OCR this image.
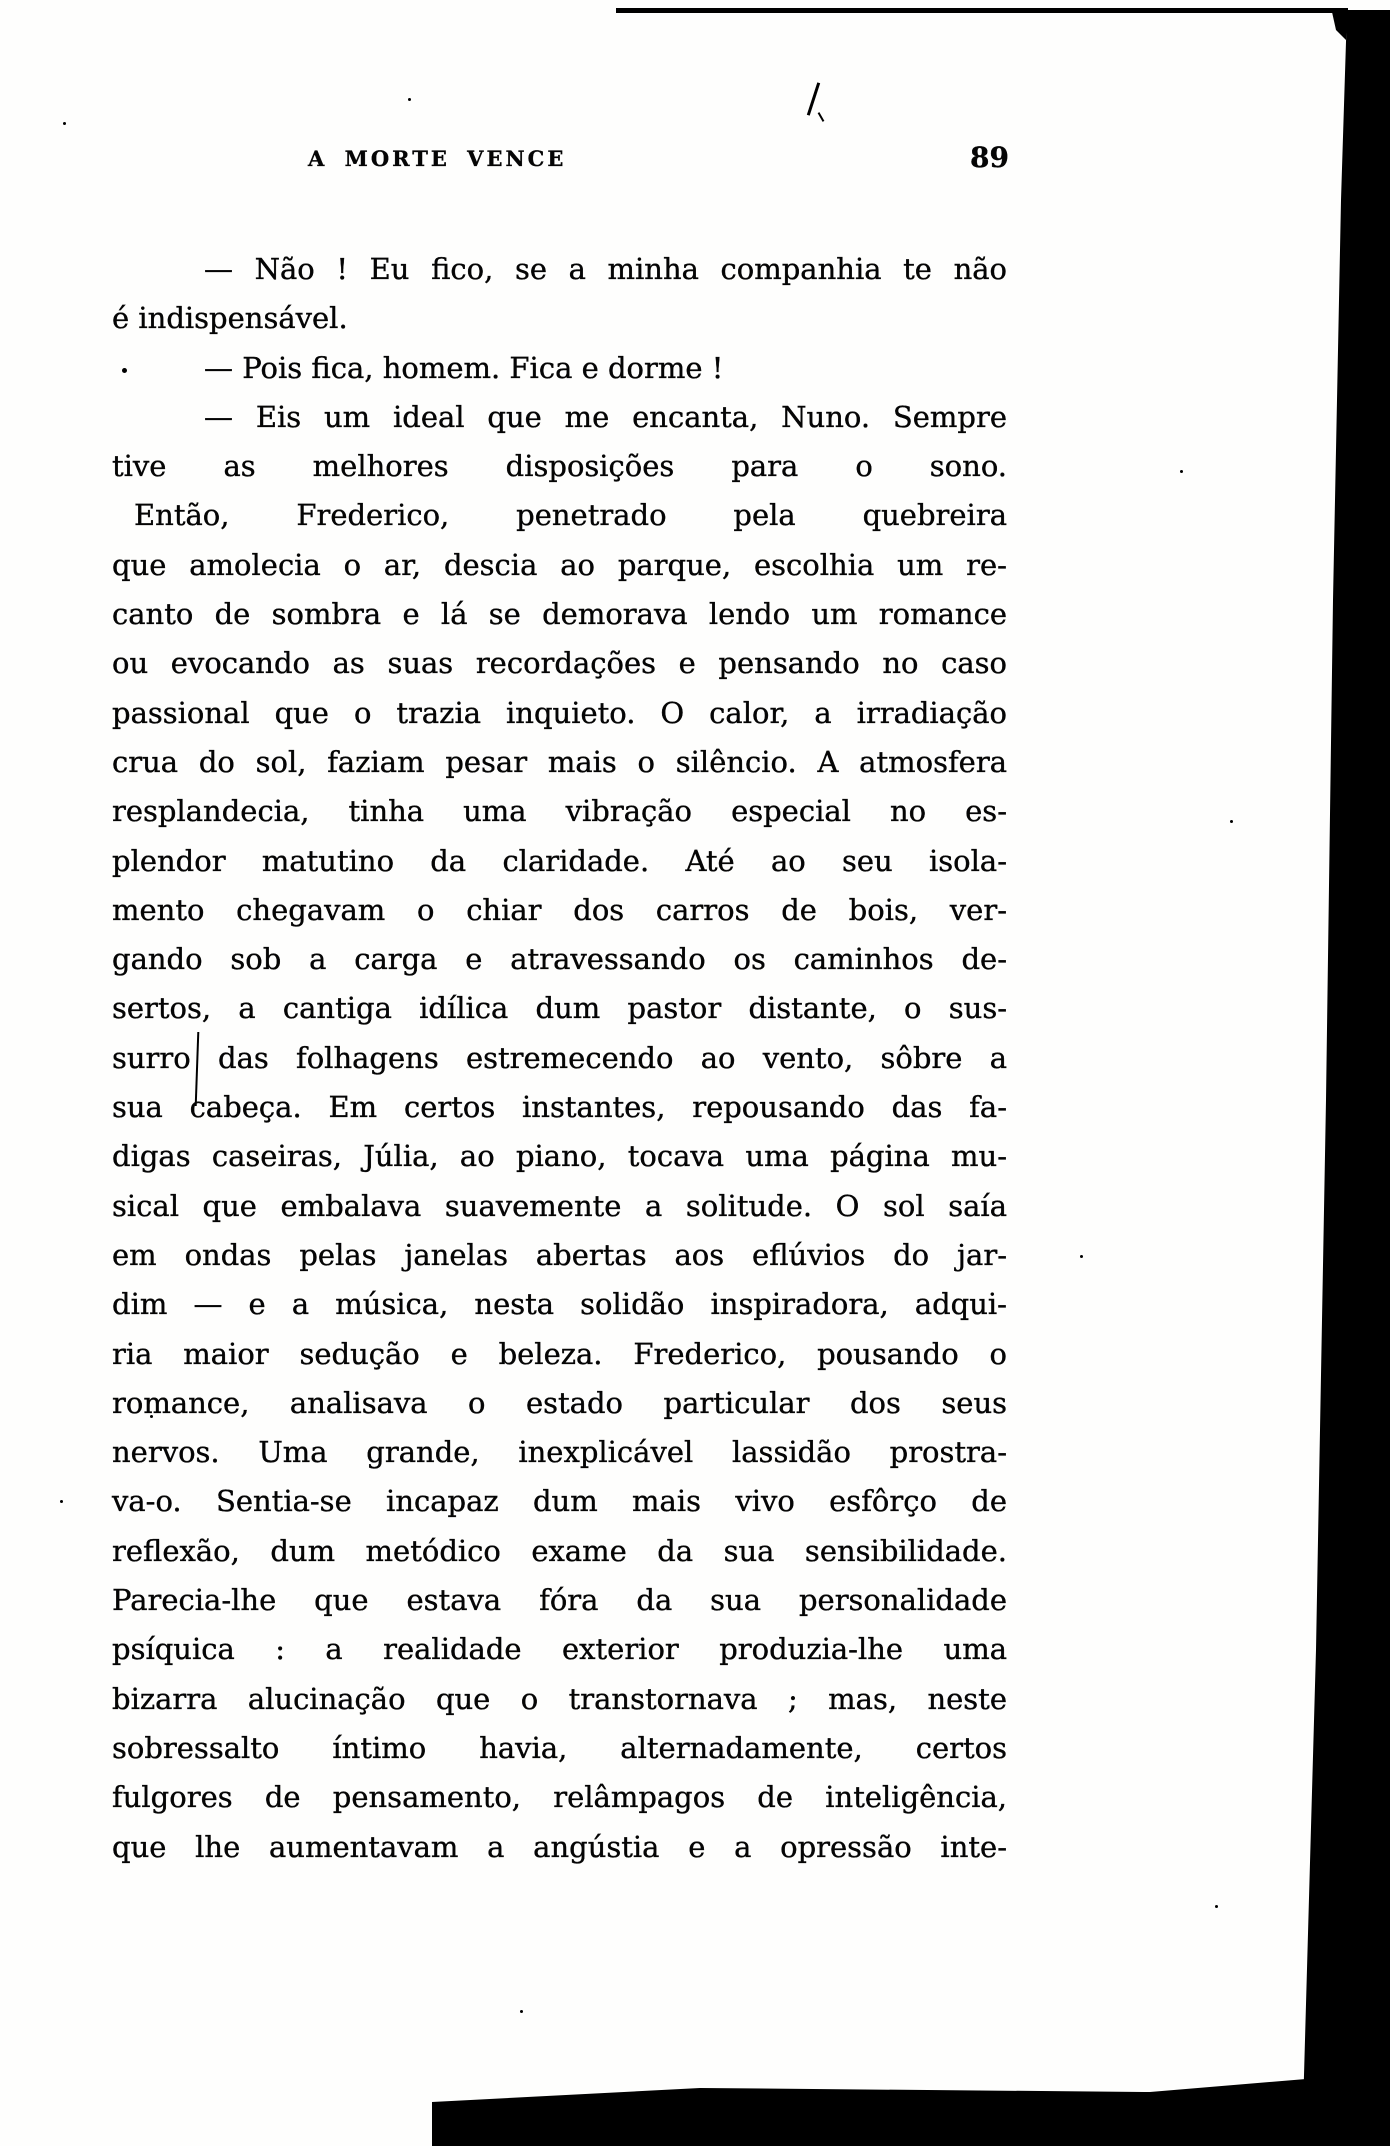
A MORTE VENCE	89
— Não ! Eu fico, se a minha companhia te não
é indispensável.
— Pois fica, homem. Fica e dorme !
— Eis um ideal que me encanta, Nuno. Sempre
tive as melhores disposições para o sono.
Então, Frederico, penetrado pela quebreira
que amolecia o ar, descia ao parque, escolhia um re-
canto de sombra e lá se demorava lendo um romance
ou evocando as suas recordações e pensando no caso
passional que o trazia inquieto. O calor, a irradiação
crua do sol, faziam pesar mais o silêncio. A atmosfera
resplandecia, tinha uma vibração especial no es-
plendor matutino da claridade. Até ao seu isola-
mento chegavam o chiar dos carros de bois, ver-
gando sob a carga e atravessando os caminhos de-
sertos, a cantiga idílica dum pastor distante, o sus-
surro das folhagens estremecendo ao vento, sôbre a
sua cabeça. Em certos instantes, repousando das fa-
digas caseiras, Júlia, ao piano, tocava uma página mu-
sical que embalava suavemente a solitude. O sol saía
em ondas pelas janelas abertas aos eflúvios do jar-
dim — e a música, nesta solidão inspiradora, adqui-
ria maior sedução e beleza. Frederico, pousando o
romance, analisava o estado particular dos seus
nervos. Uma grande, inexplicável lassidão prostra-
va-o. Sentia-se incapaz dum mais vivo esfôrço de
reflexão, dum metódico exame da sua sensibilidade.
Parecia-lhe que estava fóra da sua personalidade
psíquica : a realidade exterior produzia-lhe uma
bizarra alucinação que o transtornava ; mas, neste
sobressalto íntimo havia, alternadamente, certos
fulgores de pensamento, relâmpagos de inteligência,
que lhe aumentavam a angústia e a opressão inte-
